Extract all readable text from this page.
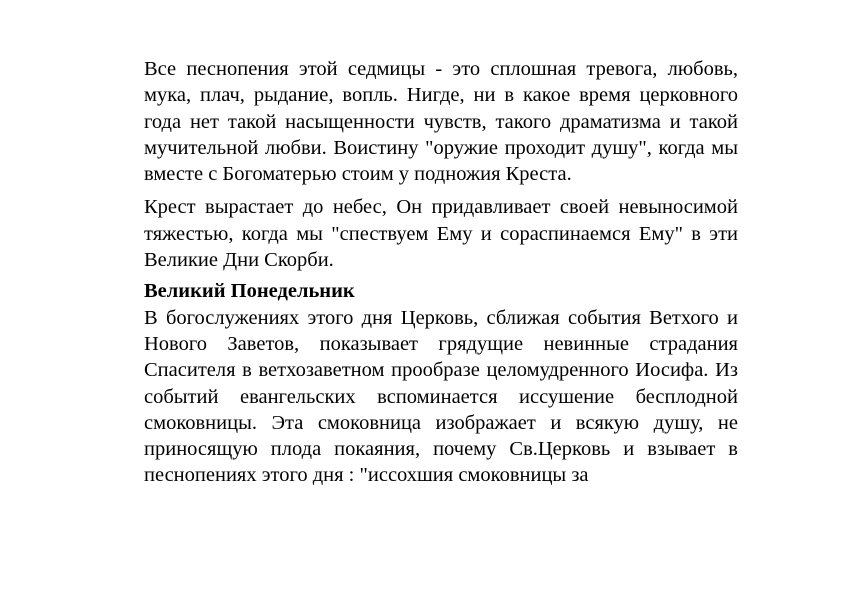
Все песнопения этой седмицы - это сплошная тревога, любовь, мука, плач, рыдание, вопль. Нигде, ни в какое время церковного года нет такой насыщенности чувств, такого драматизма и такой мучительной любви. Воистину "оружие проходит душу", когда мы вместе с Богоматерью стоим у подножия Креста.

Крест вырастает до небес, Он придавливает своей невыносимой тяжестью, когда мы "спествуем Ему и сораспинаемся Ему" в эти Великие Дни Скорби.

Великий Понедельник

В богослужениях этого дня Церковь, сближая события Ветхого и Нового Заветов, показывает грядущие невинные страдания Спасителя в ветхозаветном прообразе целомудренного Иосифа. Из событий евангельских вспоминается иссушение бесплодной смоковницы. Эта смоковница изображает и всякую душу, не приносящую плода покаяния, почему Св.Церковь и взывает в песнопениях этого дня : "иссохшия смоковницы за
